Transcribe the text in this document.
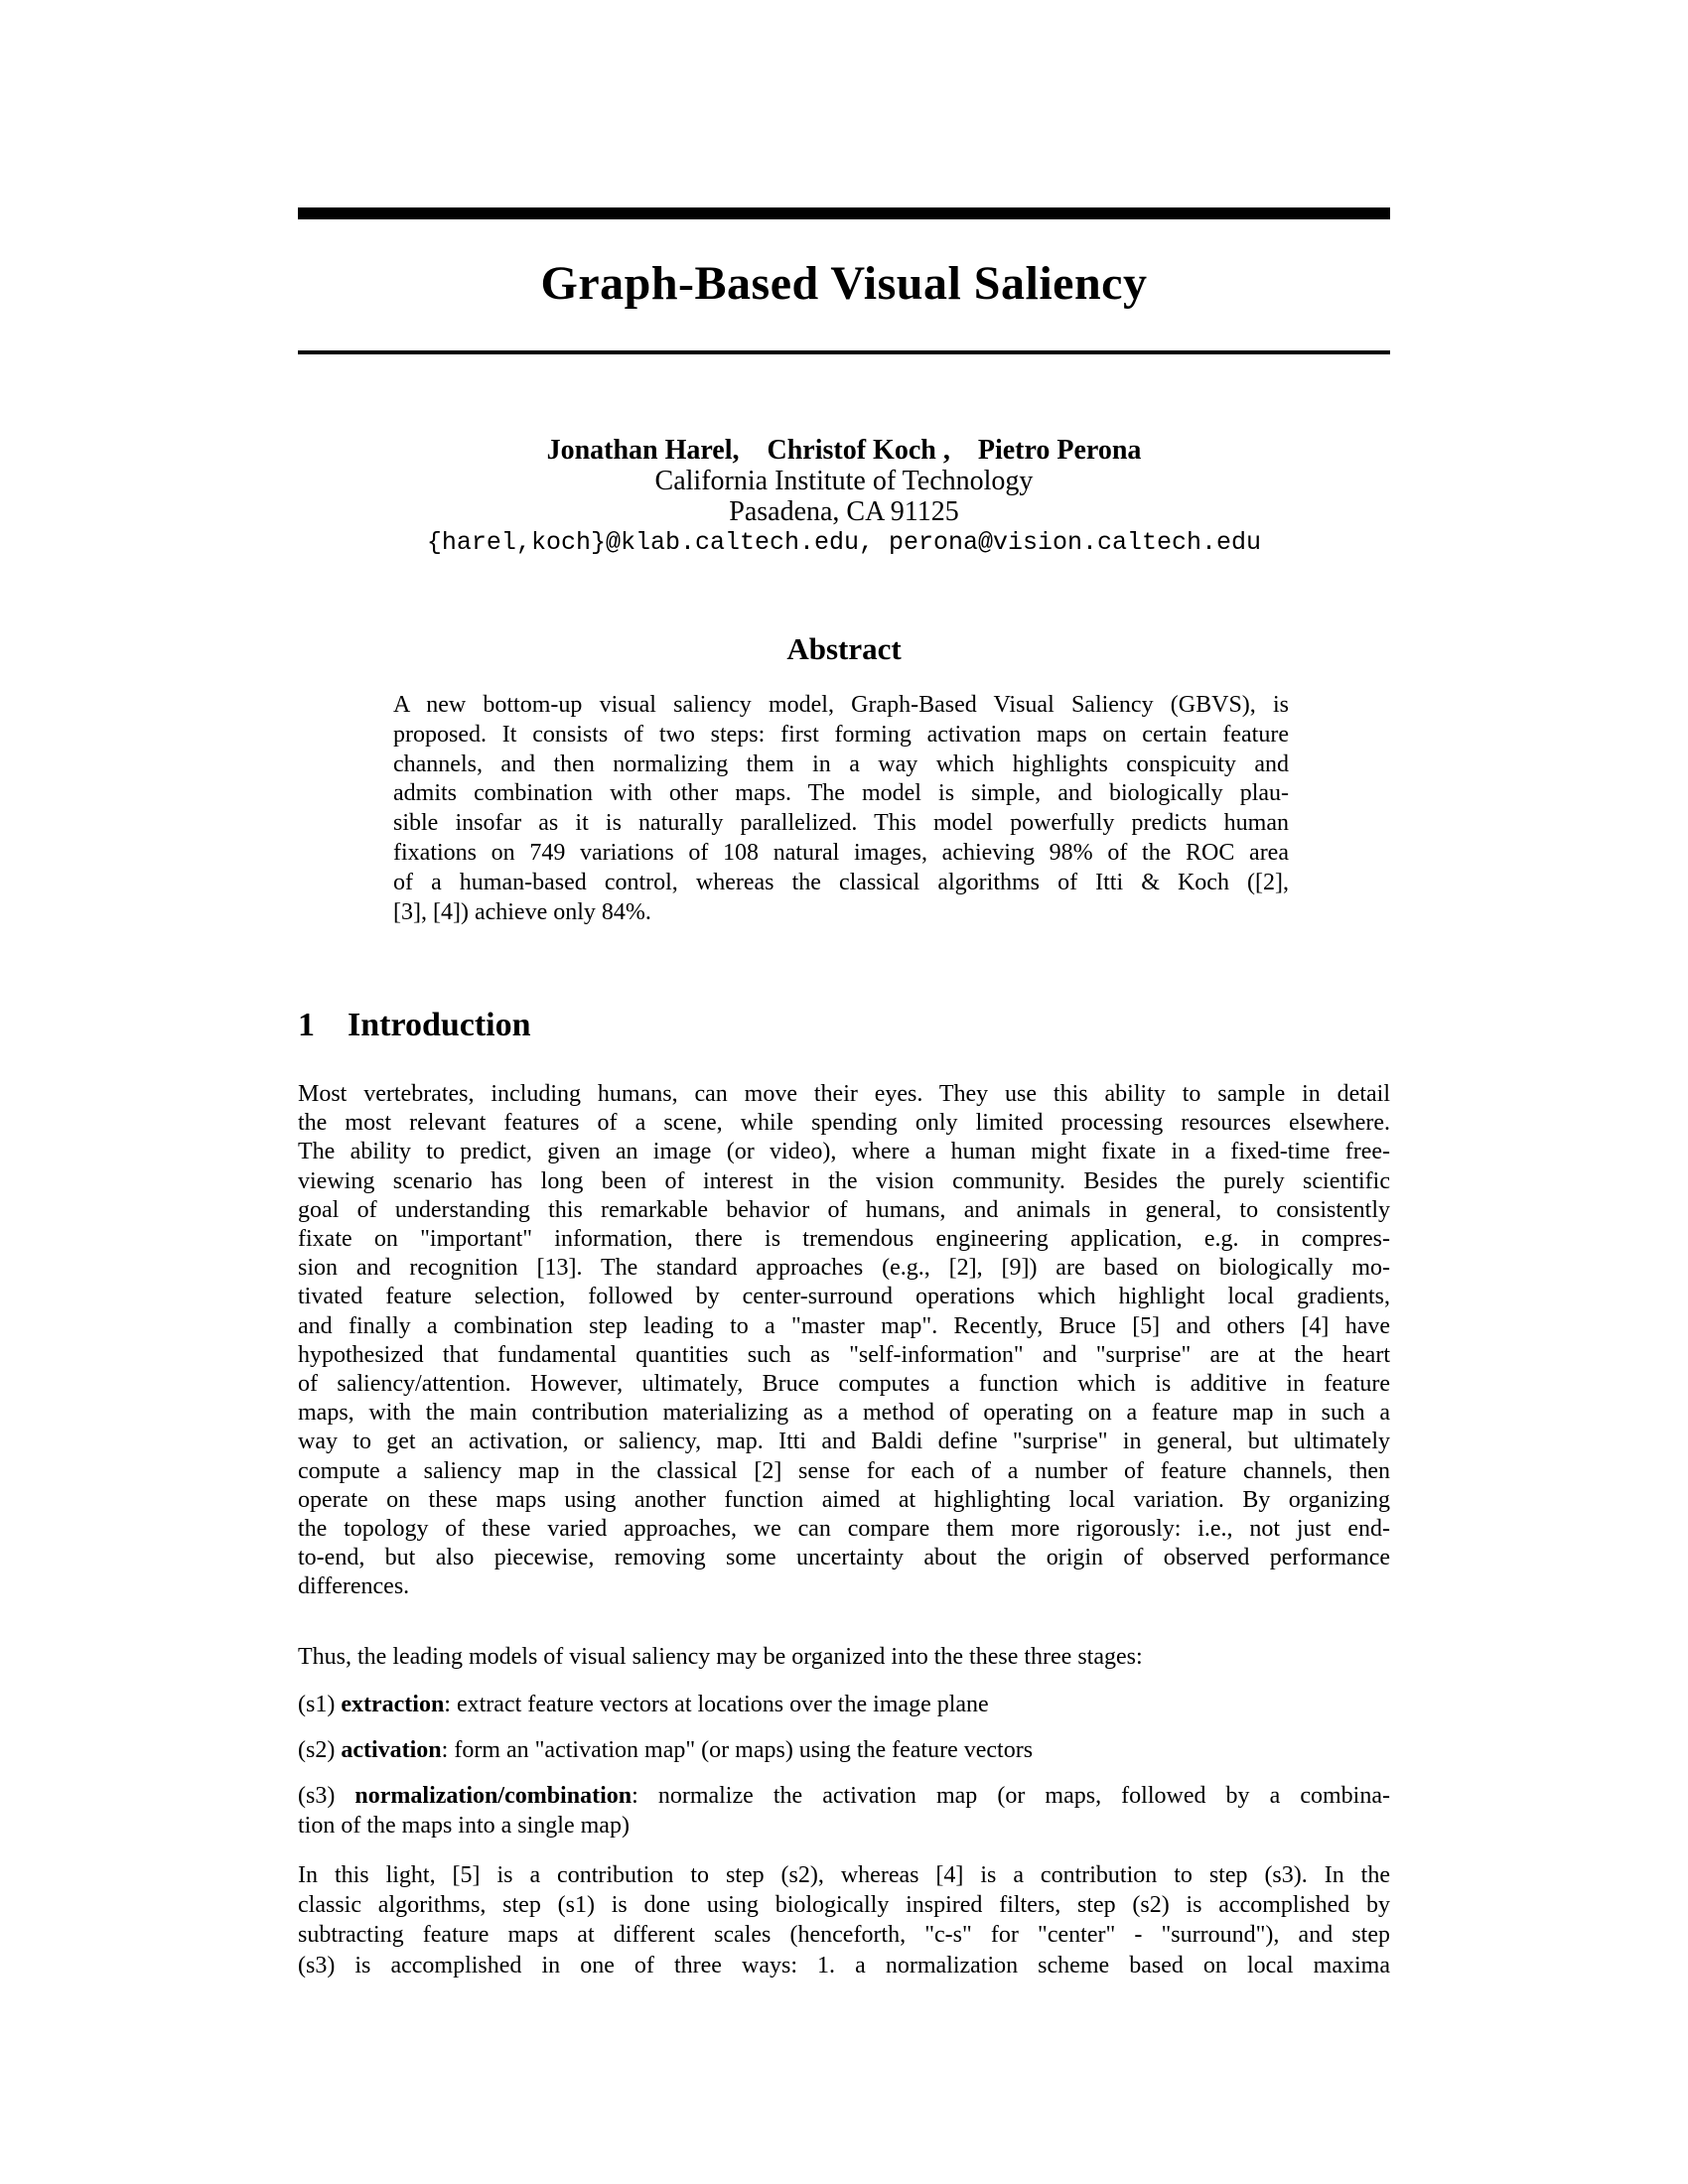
Graph-Based Visual Saliency
Jonathan Harel,    Christof Koch ,    Pietro Perona
California Institute of Technology
Pasadena, CA 91125
{harel,koch}@klab.caltech.edu, perona@vision.caltech.edu
Abstract
A new bottom-up visual saliency model, Graph-Based Visual Saliency (GBVS), is
proposed. It consists of two steps: first forming activation maps on certain feature
channels, and then normalizing them in a way which highlights conspicuity and
admits combination with other maps. The model is simple, and biologically plau-
sible insofar as it is naturally parallelized. This model powerfully predicts human
fixations on 749 variations of 108 natural images, achieving 98% of the ROC area
of a human-based control, whereas the classical algorithms of Itti & Koch ([2],
[3], [4]) achieve only 84%.
1 Introduction
Most vertebrates, including humans, can move their eyes. They use this ability to sample in detail
the most relevant features of a scene, while spending only limited processing resources elsewhere.
The ability to predict, given an image (or video), where a human might fixate in a fixed-time free-
viewing scenario has long been of interest in the vision community. Besides the purely scientific
goal of understanding this remarkable behavior of humans, and animals in general, to consistently
fixate on "important" information, there is tremendous engineering application, e.g. in compres-
sion and recognition [13]. The standard approaches (e.g., [2], [9]) are based on biologically mo-
tivated feature selection, followed by center-surround operations which highlight local gradients,
and finally a combination step leading to a "master map". Recently, Bruce [5] and others [4] have
hypothesized that fundamental quantities such as "self-information" and "surprise" are at the heart
of saliency/attention. However, ultimately, Bruce computes a function which is additive in feature
maps, with the main contribution materializing as a method of operating on a feature map in such a
way to get an activation, or saliency, map. Itti and Baldi define "surprise" in general, but ultimately
compute a saliency map in the classical [2] sense for each of a number of feature channels, then
operate on these maps using another function aimed at highlighting local variation. By organizing
the topology of these varied approaches, we can compare them more rigorously: i.e., not just end-
to-end, but also piecewise, removing some uncertainty about the origin of observed performance
differences.
Thus, the leading models of visual saliency may be organized into the these three stages:
(s1) extraction: extract feature vectors at locations over the image plane
(s2) activation: form an "activation map" (or maps) using the feature vectors
(s3) normalization/combination: normalize the activation map (or maps, followed by a combina-
tion of the maps into a single map)
In this light, [5] is a contribution to step (s2), whereas [4] is a contribution to step (s3). In the
classic algorithms, step (s1) is done using biologically inspired filters, step (s2) is accomplished by
subtracting feature maps at different scales (henceforth, "c-s" for "center" - "surround"), and step
(s3) is accomplished in one of three ways: 1. a normalization scheme based on local maxima
